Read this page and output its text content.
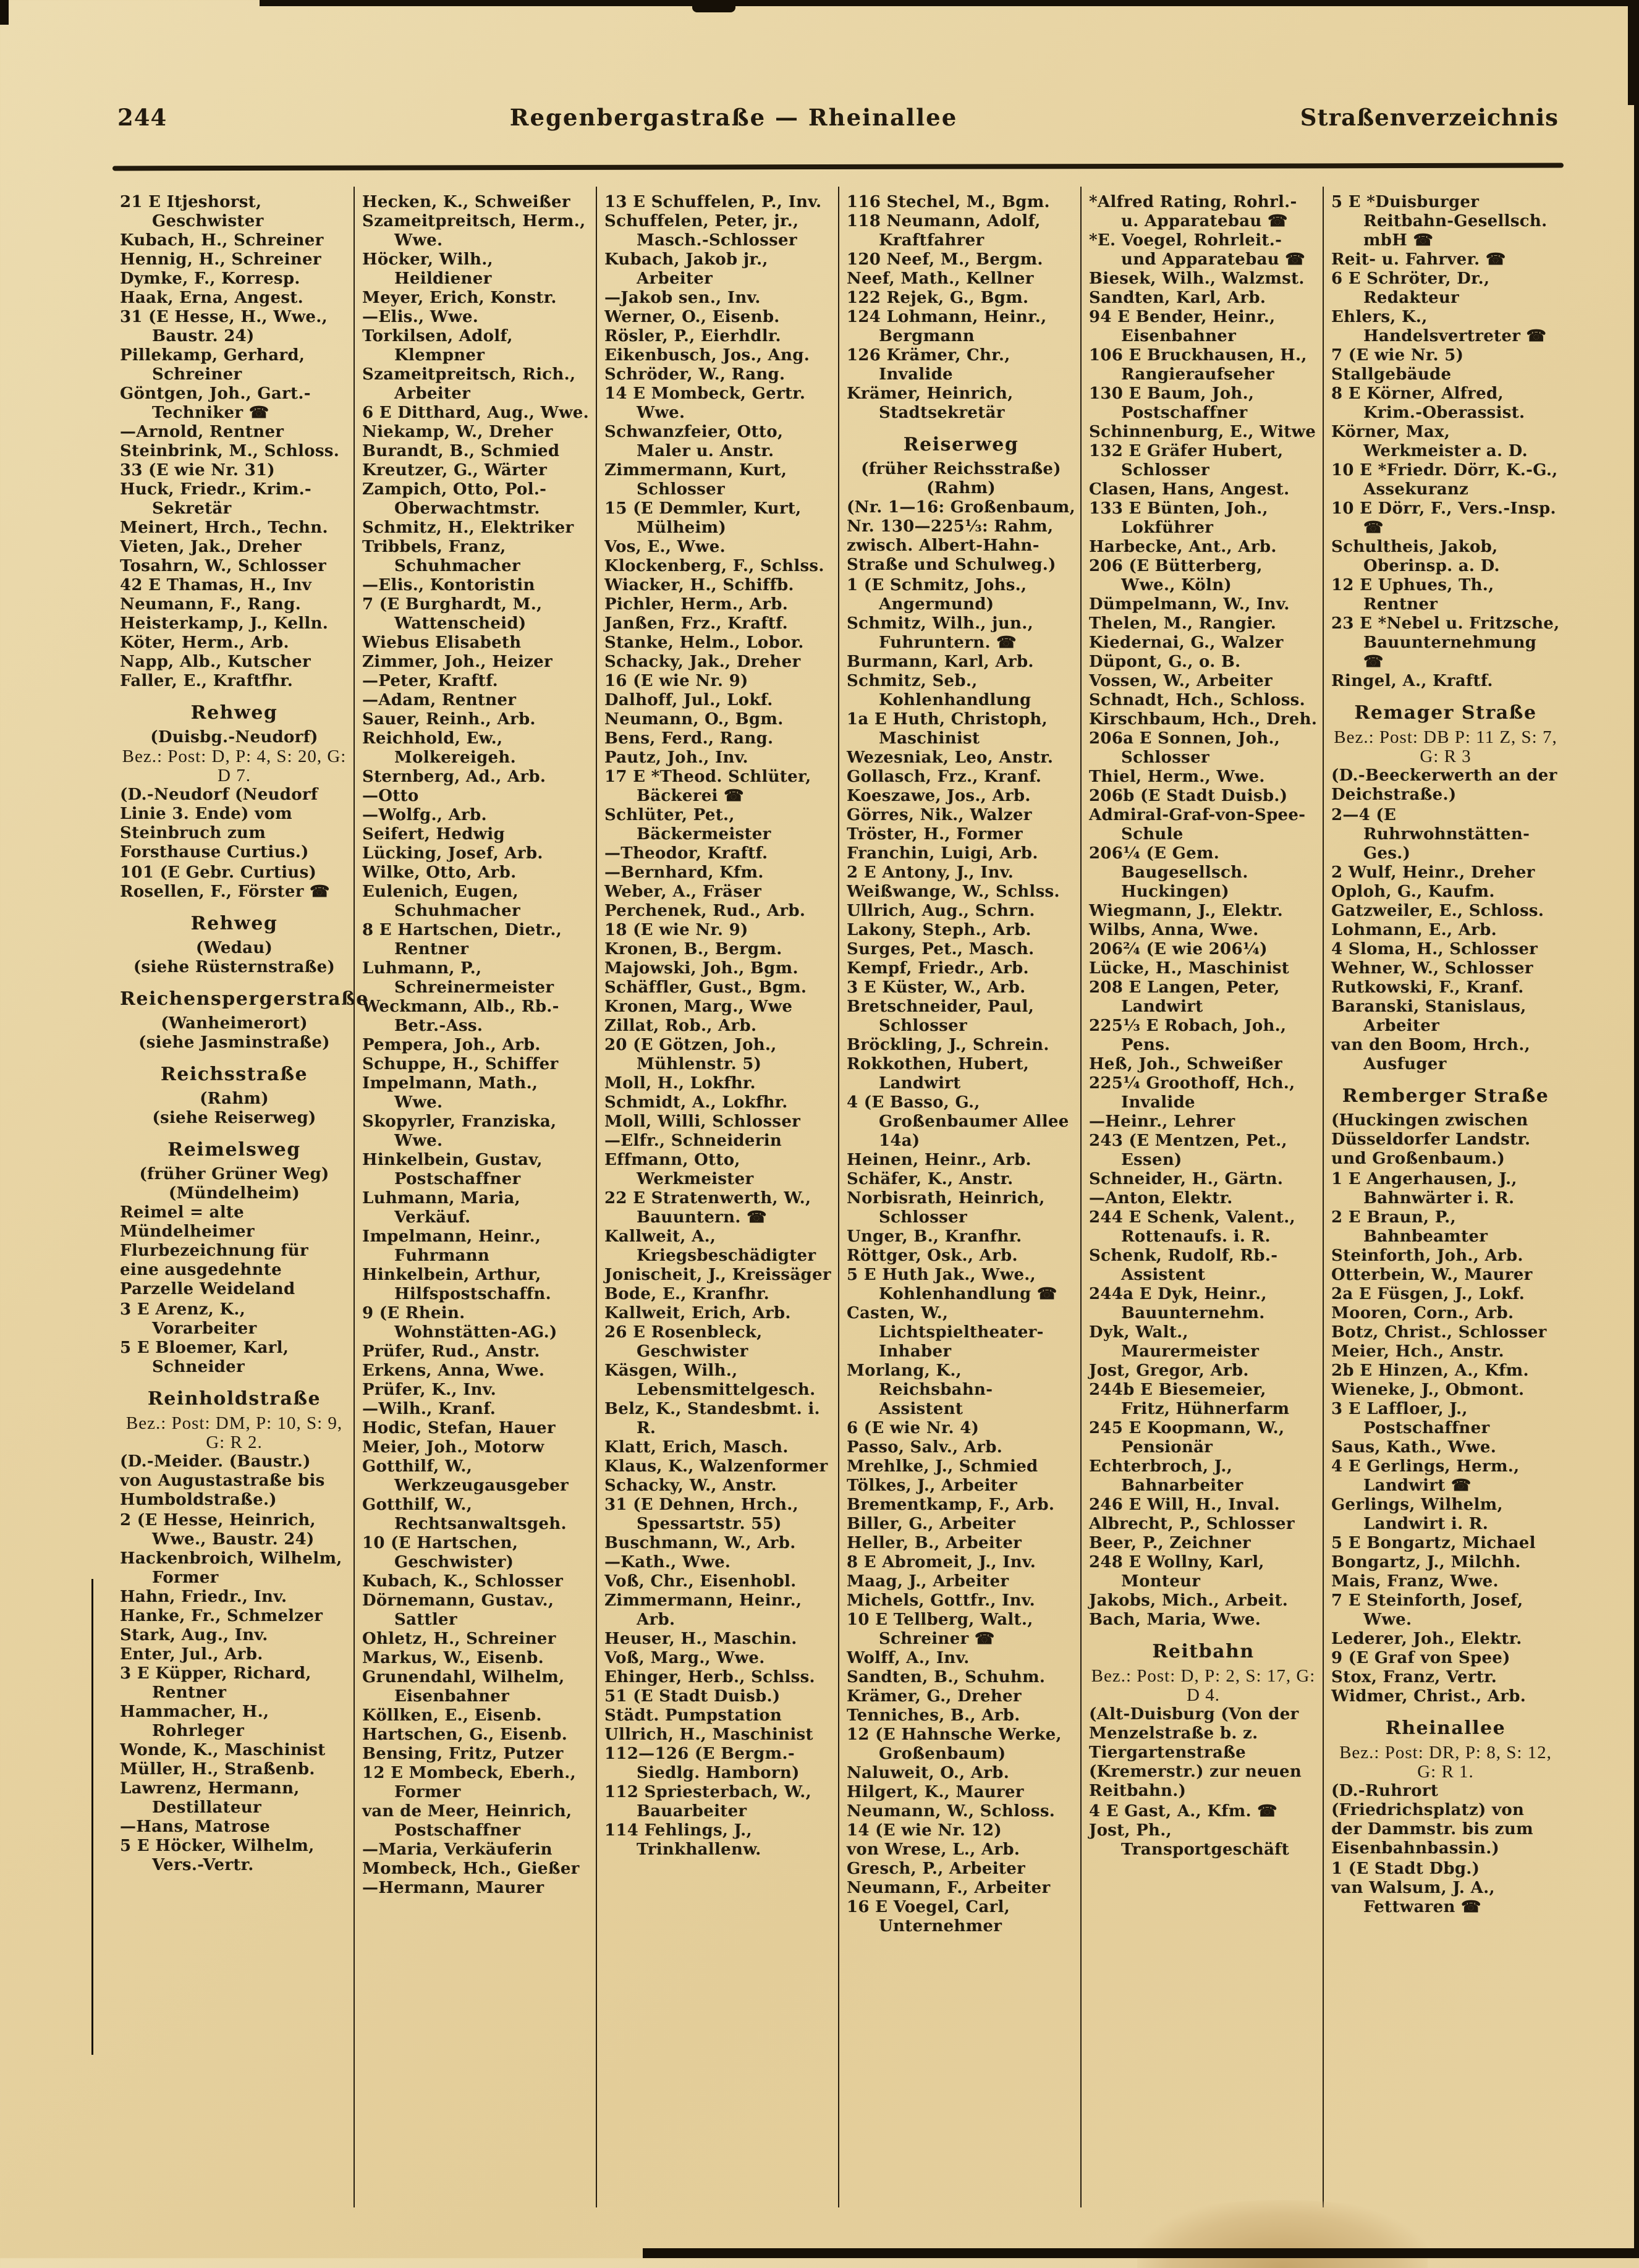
244	Regenbergastraße — Rheinallee	Straßenverzeichnis

21 E Itjeshorst, Geschwister

Kubach, H., Schreiner

Hennig, H., Schreiner

Dymke, F., Korresp.

Haak, Erna, Angest.

31 (E Hesse, H., Wwe., Baustr. 24)

Pillekamp, Gerhard, Schreiner

Göntgen, Joh., Gart.-Techniker ☎

—Arnold, Rentner

Steinbrink, M., Schloss.

33 (E wie Nr. 31)

Huck, Friedr., Krim.-Sekretär

Meinert, Hrch., Techn.

Vieten, Jak., Dreher

Tosahrn, W., Schlosser

42 E Thamas, H., Inv

Neumann, F., Rang.

Heisterkamp, J., Kelln.

Köter, Herm., Arb.

Napp, Alb., Kutscher

Faller, E., Kraftfhr.

Rehweg

(Duisbg.-Neudorf)

Bez.: Post: D, P: 4, S: 20, G: D 7.

(D.-Neudorf (Neudorf Linie 3. Ende) vom Steinbruch zum Forsthause Curtius.)

101 (E Gebr. Curtius)

Rosellen, F., Förster ☎

Rehweg

(Wedau)

(siehe Rüsternstraße)

Reichenspergerstraße

(Wanheimerort)

(siehe Jasminstraße)

Reichsstraße

(Rahm)

(siehe Reiserweg)

Reimelsweg

(früher Grüner Weg)

(Mündelheim)

Reimel = alte Mündelheimer Flurbezeichnung für eine ausgedehnte Parzelle Weideland

3 E Arenz, K., Vorarbeiter

5 E Bloemer, Karl, Schneider

Reinholdstraße

Bez.: Post: DM, P: 10, S: 9, G: R 2.

(D.-Meider. (Baustr.) von Augustastraße bis Humboldstraße.)

2 (E Hesse, Heinrich, Wwe., Baustr. 24)

Hackenbroich, Wilhelm, Former

Hahn, Friedr., Inv.

Hanke, Fr., Schmelzer

Stark, Aug., Inv.

Enter, Jul., Arb.

3 E Küpper, Richard, Rentner

Hammacher, H., Rohrleger

Wonde, K., Maschinist

Müller, H., Straßenb.

Lawrenz, Hermann, Destillateur

—Hans, Matrose

5 E Höcker, Wilhelm, Vers.-Vertr.

Hecken, K., Schweißer

Szameitpreitsch, Herm., Wwe.

Höcker, Wilh., Heildiener

Meyer, Erich, Konstr.

—Elis., Wwe.

Torkilsen, Adolf, Klempner

Szameitpreitsch, Rich., Arbeiter

6 E Ditthard, Aug., Wwe.

Niekamp, W., Dreher

Burandt, B., Schmied

Kreutzer, G., Wärter

Zampich, Otto, Pol.-Oberwachtmstr.

Schmitz, H., Elektriker

Tribbels, Franz, Schuhmacher

—Elis., Kontoristin

7 (E Burghardt, M., Wattenscheid)

Wiebus Elisabeth

Zimmer, Joh., Heizer

—Peter, Kraftf.

—Adam, Rentner

Sauer, Reinh., Arb.

Reichhold, Ew., Molkereigeh.

Sternberg, Ad., Arb.

—Otto

—Wolfg., Arb.

Seifert, Hedwig

Lücking, Josef, Arb.

Wilke, Otto, Arb.

Eulenich, Eugen, Schuhmacher

8 E Hartschen, Dietr., Rentner

Luhmann, P., Schreinermeister

Weckmann, Alb., Rb.-Betr.-Ass.

Pempera, Joh., Arb.

Schuppe, H., Schiffer

Impelmann, Math., Wwe.

Skopyrler, Franziska, Wwe.

Hinkelbein, Gustav, Postschaffner

Luhmann, Maria, Verkäuf.

Impelmann, Heinr., Fuhrmann

Hinkelbein, Arthur, Hilfspostschaffn.

9 (E Rhein. Wohnstätten-AG.)

Prüfer, Rud., Anstr.

Erkens, Anna, Wwe.

Prüfer, K., Inv.

—Wilh., Kranf.

Hodic, Stefan, Hauer

Meier, Joh., Motorw

Gotthilf, W., Werkzeugausgeber

Gotthilf, W., Rechtsanwaltsgeh.

10 (E Hartschen, Geschwister)

Kubach, K., Schlosser

Dörnemann, Gustav., Sattler

Ohletz, H., Schreiner

Markus, W., Eisenb.

Grunendahl, Wilhelm, Eisenbahner

Köllken, E., Eisenb.

Hartschen, G., Eisenb.

Bensing, Fritz, Putzer

12 E Mombeck, Eberh., Former

van de Meer, Heinrich, Postschaffner

—Maria, Verkäuferin

Mombeck, Hch., Gießer

—Hermann, Maurer

13 E Schuffelen, P., Inv.

Schuffelen, Peter, jr., Masch.-Schlosser

Kubach, Jakob jr., Arbeiter

—Jakob sen., Inv.

Werner, O., Eisenb.

Rösler, P., Eierhdlr.

Eikenbusch, Jos., Ang.

Schröder, W., Rang.

14 E Mombeck, Gertr. Wwe.

Schwanzfeier, Otto, Maler u. Anstr.

Zimmermann, Kurt, Schlosser

15 (E Demmler, Kurt, Mülheim)

Vos, E., Wwe.

Klockenberg, F., Schlss.

Wiacker, H., Schiffb.

Pichler, Herm., Arb.

Janßen, Frz., Kraftf.

Stanke, Helm., Lobor.

Schacky, Jak., Dreher

16 (E wie Nr. 9)

Dalhoff, Jul., Lokf.

Neumann, O., Bgm.

Bens, Ferd., Rang.

Pautz, Joh., Inv.

17 E *Theod. Schlüter, Bäckerei ☎

Schlüter, Pet., Bäckermeister

—Theodor, Kraftf.

—Bernhard, Kfm.

Weber, A., Fräser

Perchenek, Rud., Arb.

18 (E wie Nr. 9)

Kronen, B., Bergm.

Majowski, Joh., Bgm.

Schäffler, Gust., Bgm.

Kronen, Marg., Wwe

Zillat, Rob., Arb.

20 (E Götzen, Joh., Mühlenstr. 5)

Moll, H., Lokfhr.

Schmidt, A., Lokfhr.

Moll, Willi, Schlosser

—Elfr., Schneiderin

Effmann, Otto, Werkmeister

22 E Stratenwerth, W., Bauuntern. ☎

Kallweit, A., Kriegsbeschädigter

Jonischeit, J., Kreissäger

Bode, E., Kranfhr.

Kallweit, Erich, Arb.

26 E Rosenbleck, Geschwister

Käsgen, Wilh., Lebensmittelgesch.

Belz, K., Standesbmt. i. R.

Klatt, Erich, Masch.

Klaus, K., Walzenformer

Schacky, W., Anstr.

31 (E Dehnen, Hrch., Spessartstr. 55)

Buschmann, W., Arb.

—Kath., Wwe.

Voß, Chr., Eisenhobl.

Zimmermann, Heinr., Arb.

Heuser, H., Maschin.

Voß, Marg., Wwe.

Ehinger, Herb., Schlss.

51 (E Stadt Duisb.)

Städt. Pumpstation

Ullrich, H., Maschinist

112—126 (E Bergm.-Siedlg. Hamborn)

112 Spriesterbach, W., Bauarbeiter

114 Fehlings, J., Trinkhallenw.

116 Stechel, M., Bgm.

118 Neumann, Adolf, Kraftfahrer

120 Neef, M., Bergm.

Neef, Math., Kellner

122 Rejek, G., Bgm.

124 Lohmann, Heinr., Bergmann

126 Krämer, Chr., Invalide

Krämer, Heinrich, Stadtsekretär

Reiserweg

(früher Reichsstraße)

(Rahm)

(Nr. 1—16: Großenbaum, Nr. 130—225¹⁄₃: Rahm, zwisch. Albert-Hahn-Straße und Schulweg.)

1 (E Schmitz, Johs., Angermund)

Schmitz, Wilh., jun., Fuhruntern. ☎

Burmann, Karl, Arb.

Schmitz, Seb., Kohlenhandlung

1a E Huth, Christoph, Maschinist

Wezesniak, Leo, Anstr.

Gollasch, Frz., Kranf.

Koeszawe, Jos., Arb.

Görres, Nik., Walzer

Tröster, H., Former

Franchin, Luigi, Arb.

2 E Antony, J., Inv.

Weißwange, W., Schlss.

Ullrich, Aug., Schrn.

Lakony, Steph., Arb.

Surges, Pet., Masch.

Kempf, Friedr., Arb.

3 E Küster, W., Arb.

Bretschneider, Paul, Schlosser

Bröckling, J., Schrein.

Rokkothen, Hubert, Landwirt

4 (E Basso, G., Großenbaumer Allee 14a)

Heinen, Heinr., Arb.

Schäfer, K., Anstr.

Norbisrath, Heinrich, Schlosser

Unger, B., Kranfhr.

Röttger, Osk., Arb.

5 E Huth Jak., Wwe., Kohlenhandlung ☎

Casten, W., Lichtspieltheater-Inhaber

Morlang, K., Reichsbahn-Assistent

6 (E wie Nr. 4)

Passo, Salv., Arb.

Mrehlke, J., Schmied

Tölkes, J., Arbeiter

Brementkamp, F., Arb.

Biller, G., Arbeiter

Heller, B., Arbeiter

8 E Abromeit, J., Inv.

Maag, J., Arbeiter

Michels, Gottfr., Inv.

10 E Tellberg, Walt., Schreiner ☎

Wolff, A., Inv.

Sandten, B., Schuhm.

Krämer, G., Dreher

Tenniches, B., Arb.

12 (E Hahnsche Werke, Großenbaum)

Naluweit, O., Arb.

Hilgert, K., Maurer

Neumann, W., Schloss.

14 (E wie Nr. 12)

von Wrese, L., Arb.

Gresch, P., Arbeiter

Neumann, F., Arbeiter

16 E Voegel, Carl, Unternehmer

*Alfred Rating, Rohrl.- u. Apparatebau ☎

*E. Voegel, Rohrleit.- und Apparatebau ☎

Biesek, Wilh., Walzmst.

Sandten, Karl, Arb.

94 E Bender, Heinr., Eisenbahner

106 E Bruckhausen, H., Rangieraufseher

130 E Baum, Joh., Postschaffner

Schinnenburg, E., Witwe

132 E Gräfer Hubert, Schlosser

Clasen, Hans, Angest.

133 E Bünten, Joh., Lokführer

Harbecke, Ant., Arb.

206 (E Bütterberg, Wwe., Köln)

Dümpelmann, W., Inv.

Thelen, M., Rangier.

Kiedernai, G., Walzer

Düpont, G., o. B.

Vossen, W., Arbeiter

Schnadt, Hch., Schloss.

Kirschbaum, Hch., Dreh.

206a E Sonnen, Joh., Schlosser

Thiel, Herm., Wwe.

206b (E Stadt Duisb.)

Admiral-Graf-von-Spee-Schule

206¹⁄₄ (E Gem. Baugesellsch. Huckingen)

Wiegmann, J., Elektr.

Wilbs, Anna, Wwe.

206²⁄₄ (E wie 206¼)

Lücke, H., Maschinist

208 E Langen, Peter, Landwirt

225¹⁄₃ E Robach, Joh., Pens.

Heß, Joh., Schweißer

225¹⁄₄ Groothoff, Hch., Invalide

—Heinr., Lehrer

243 (E Mentzen, Pet., Essen)

Schneider, H., Gärtn.

—Anton, Elektr.

244 E Schenk, Valent., Rottenaufs. i. R.

Schenk, Rudolf, Rb.-Assistent

244a E Dyk, Heinr., Bauunternehm.

Dyk, Walt., Maurermeister

Jost, Gregor, Arb.

244b E Biesemeier, Fritz, Hühnerfarm

245 E Koopmann, W., Pensionär

Echterbroch, J., Bahnarbeiter

246 E Will, H., Inval.

Albrecht, P., Schlosser

Beer, P., Zeichner

248 E Wollny, Karl, Monteur

Jakobs, Mich., Arbeit.

Bach, Maria, Wwe.

Reitbahn

Bez.: Post: D, P: 2, S: 17, G: D 4.

(Alt-Duisburg (Von der Menzelstraße b. z. Tiergartenstraße (Kremerstr.) zur neuen Reitbahn.)

4 E Gast, A., Kfm. ☎

Jost, Ph., Transportgeschäft

5 E *Duisburger Reitbahn-Gesellsch. mbH ☎

Reit- u. Fahrver. ☎

6 E Schröter, Dr., Redakteur

Ehlers, K., Handelsvertreter ☎

7 (E wie Nr. 5)

Stallgebäude

8 E Körner, Alfred, Krim.-Oberassist.

Körner, Max, Werkmeister a. D.

10 E *Friedr. Dörr, K.-G., Assekuranz

10 E Dörr, F., Vers.-Insp. ☎

Schultheis, Jakob, Oberinsp. a. D.

12 E Uphues, Th., Rentner

23 E *Nebel u. Fritzsche, Bauunternehmung ☎

Ringel, A., Kraftf.

Remager Straße

Bez.: Post: DB P: 11 Z, S: 7, G: R 3

(D.-Beeckerwerth an der Deichstraße.)

2—4 (E Ruhrwohnstätten-Ges.)

2 Wulf, Heinr., Dreher

Oploh, G., Kaufm.

Gatzweiler, E., Schloss.

Lohmann, E., Arb.

4 Sloma, H., Schlosser

Wehner, W., Schlosser

Rutkowski, F., Kranf.

Baranski, Stanislaus, Arbeiter

van den Boom, Hrch., Ausfuger

Remberger Straße

(Huckingen zwischen Düsseldorfer Landstr. und Großenbaum.)

1 E Angerhausen, J., Bahnwärter i. R.

2 E Braun, P., Bahnbeamter

Steinforth, Joh., Arb.

Otterbein, W., Maurer

2a E Füsgen, J., Lokf.

Mooren, Corn., Arb.

Botz, Christ., Schlosser

Meier, Hch., Anstr.

2b E Hinzen, A., Kfm.

Wieneke, J., Obmont.

3 E Laffloer, J., Postschaffner

Saus, Kath., Wwe.

4 E Gerlings, Herm., Landwirt ☎

Gerlings, Wilhelm, Landwirt i. R.

5 E Bongartz, Michael

Bongartz, J., Milchh.

Mais, Franz, Wwe.

7 E Steinforth, Josef, Wwe.

Lederer, Joh., Elektr.

9 (E Graf von Spee)

Stox, Franz, Vertr.

Widmer, Christ., Arb.

Rheinallee

Bez.: Post: DR, P: 8, S: 12, G: R 1.

(D.-Ruhrort (Friedrichsplatz) von der Dammstr. bis zum Eisenbahnbassin.)

1 (E Stadt Dbg.)

van Walsum, J. A., Fettwaren ☎
